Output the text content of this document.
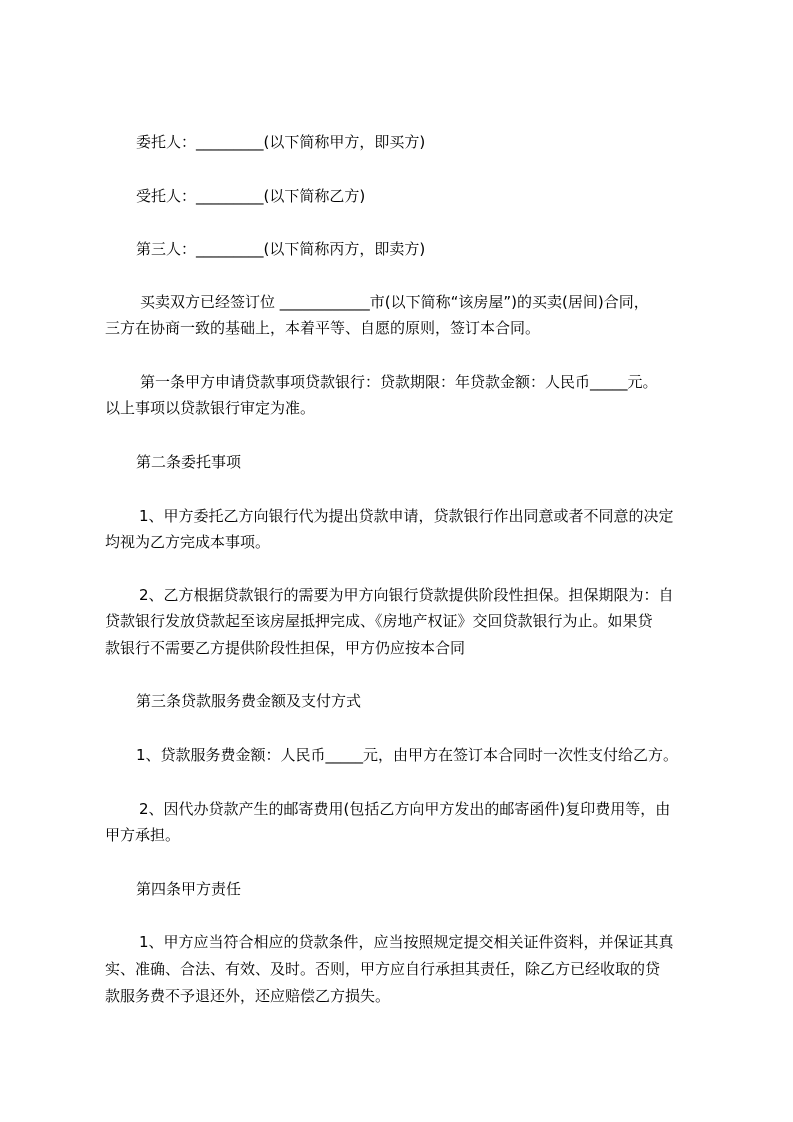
委托人：_________(以下简称甲方，即买方)
受托人：_________(以下简称乙方)
第三人：_________(以下简称丙方，即卖方)
买卖双方已经签订位 ____________市(以下简称“该房屋”)的买卖(居间)合同，
三方在协商一致的基础上，本着平等、自愿的原则，签订本合同。
第一条甲方申请贷款事项贷款银行：贷款期限：年贷款金额：人民币_____元。
以上事项以贷款银行审定为准。
第二条委托事项
1、甲方委托乙方向银行代为提出贷款申请，贷款银行作出同意或者不同意的决定
均视为乙方完成本事项。
2、乙方根据贷款银行的需要为甲方向银行贷款提供阶段性担保。担保期限为：自
贷款银行发放贷款起至该房屋抵押完成、《房地产权证》交回贷款银行为止。如果贷
款银行不需要乙方提供阶段性担保，甲方仍应按本合同
第三条贷款服务费金额及支付方式
1、贷款服务费金额：人民币_____元，由甲方在签订本合同时一次性支付给乙方。
2、因代办贷款产生的邮寄费用(包括乙方向甲方发出的邮寄函件)复印费用等，由
甲方承担。
第四条甲方责任
1、甲方应当符合相应的贷款条件，应当按照规定提交相关证件资料，并保证其真
实、准确、合法、有效、及时。否则，甲方应自行承担其责任，除乙方已经收取的贷
款服务费不予退还外，还应赔偿乙方损失。
